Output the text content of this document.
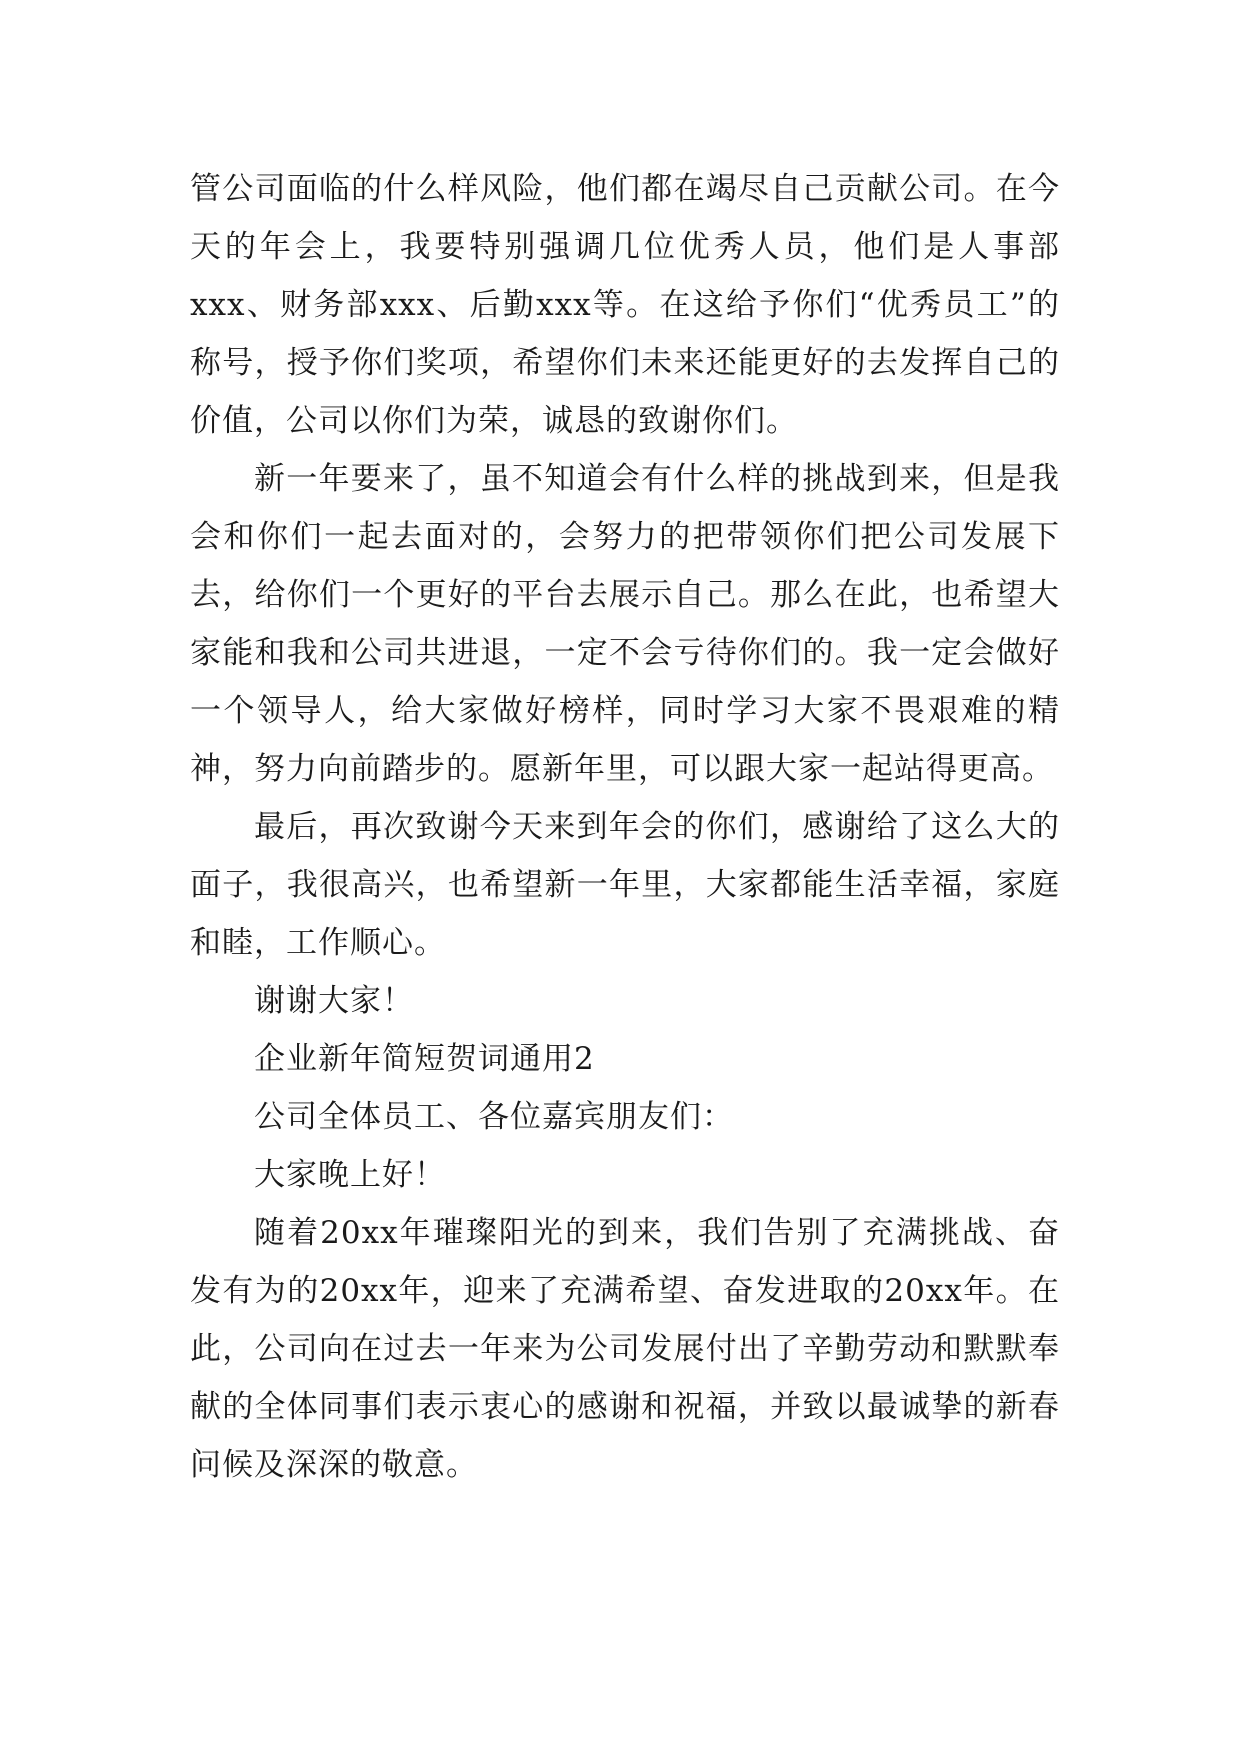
管公司面临的什么样风险，他们都在竭尽自己贡献公司。在今天的年会上，我要特别强调几位优秀人员，他们是人事部xxx、财务部xxx、后勤xxx等。在这给予你们“优秀员工”的称号，授予你们奖项，希望你们未来还能更好的去发挥自己的价值，公司以你们为荣，诚恳的致谢你们。

新一年要来了，虽不知道会有什么样的挑战到来，但是我会和你们一起去面对的，会努力的把带领你们把公司发展下去，给你们一个更好的平台去展示自己。那么在此，也希望大家能和我和公司共进退，一定不会亏待你们的。我一定会做好一个领导人，给大家做好榜样，同时学习大家不畏艰难的精神，努力向前踏步的。愿新年里，可以跟大家一起站得更高。

最后，再次致谢今天来到年会的你们，感谢给了这么大的面子，我很高兴，也希望新一年里，大家都能生活幸福，家庭和睦，工作顺心。

谢谢大家！

企业新年简短贺词通用2

公司全体员工、各位嘉宾朋友们：

大家晚上好！

随着20xx年璀璨阳光的到来，我们告别了充满挑战、奋发有为的20xx年，迎来了充满希望、奋发进取的20xx年。在此，公司向在过去一年来为公司发展付出了辛勤劳动和默默奉献的全体同事们表示衷心的感谢和祝福，并致以最诚挚的新春问候及深深的敬意。
